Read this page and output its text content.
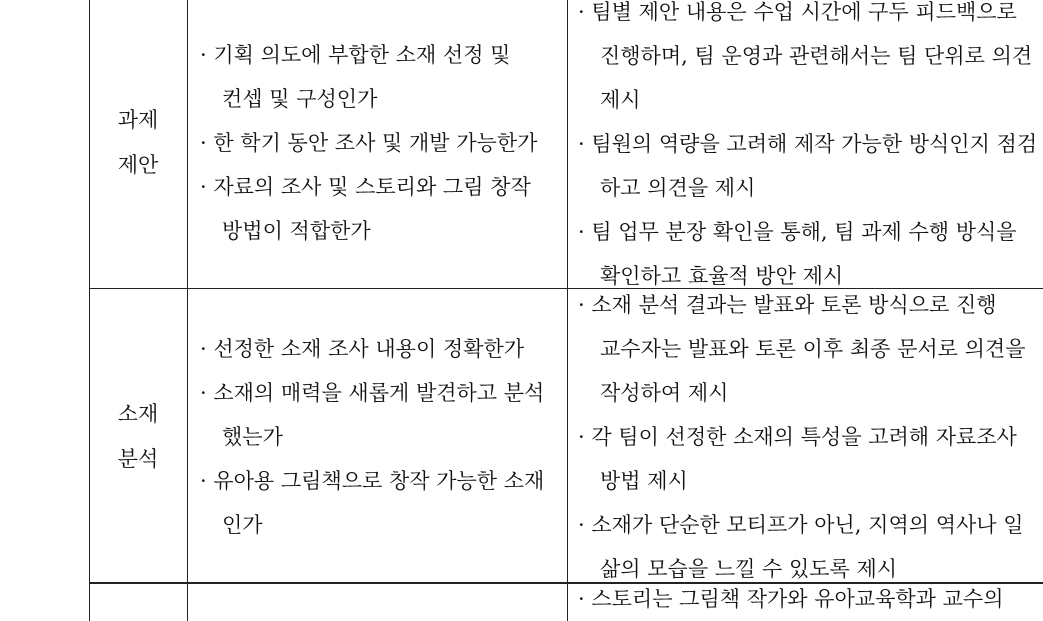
과제
제안
· 기획 의도에 부합한 소재 선정 및
컨셉 및 구성인가
· 한 학기 동안 조사 및 개발 가능한가
· 자료의 조사 및 스토리와 그림 창작
방법이 적합한가
· 팀별 제안 내용은 수업 시간에 구두 피드백으로
진행하며, 팀 운영과 관련해서는 팀 단위로 의견
제시
· 팀원의 역량을 고려해 제작 가능한 방식인지 점검
하고 의견을 제시
· 팀 업무 분장 확인을 통해, 팀 과제 수행 방식을
확인하고 효율적 방안 제시
소재
분석
· 선정한 소재 조사 내용이 정확한가
· 소재의 매력을 새롭게 발견하고 분석
했는가
· 유아용 그림책으로 창작 가능한 소재
인가
· 소재 분석 결과는 발표와 토론 방식으로 진행
교수자는 발표와 토론 이후 최종 문서로 의견을
작성하여 제시
· 각 팀이 선정한 소재의 특성을 고려해 자료조사
방법 제시
· 소재가 단순한 모티프가 아닌, 지역의 역사나 일
삶의 모습을 느낄 수 있도록 제시
· 스토리는 그림책 작가와 유아교육학과 교수의
